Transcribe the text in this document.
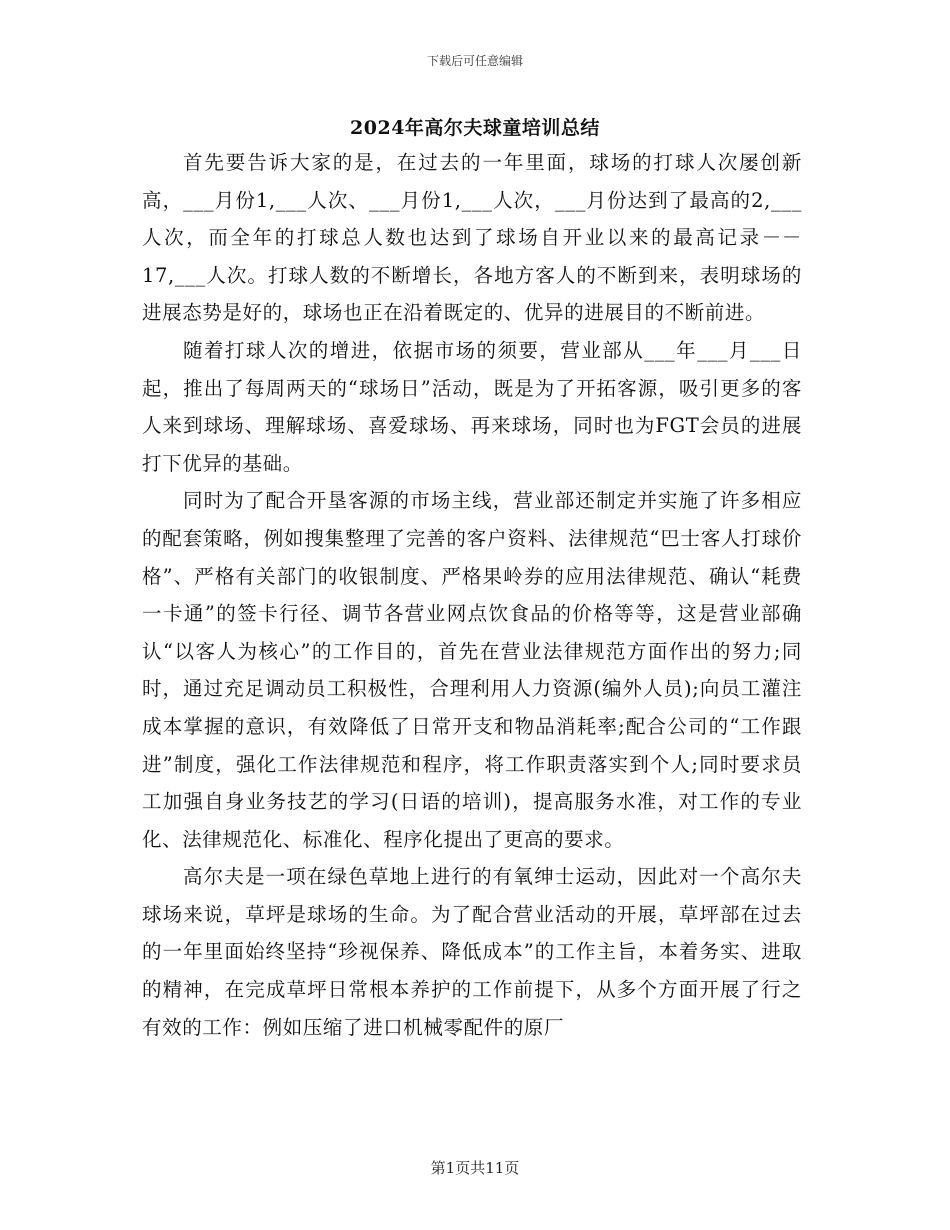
下载后可任意编辑
2024年高尔夫球童培训总结

首先要告诉大家的是，在过去的一年里面，球场的打球人次屡创新高，___月份1,___人次、___月份1,___人次，___月份达到了最高的2,___人次，而全年的打球总人数也达到了球场自开业以来的最高记录－－17,___人次。打球人数的不断增长，各地方客人的不断到来，表明球场的进展态势是好的，球场也正在沿着既定的、优异的进展目的不断前进。

随着打球人次的增进，依据市场的须要，营业部从___年___月___日起，推出了每周两天的“球场日”活动，既是为了开拓客源，吸引更多的客人来到球场、理解球场、喜爱球场、再来球场，同时也为FGT会员的进展打下优异的基础。

同时为了配合开垦客源的市场主线，营业部还制定并实施了许多相应的配套策略，例如搜集整理了完善的客户资料、法律规范“巴士客人打球价格”、严格有关部门的收银制度、严格果岭券的应用法律规范、确认“耗费一卡通”的签卡行径、调节各营业网点饮食品的价格等等，这是营业部确认“以客人为核心”的工作目的，首先在营业法律规范方面作出的努力;同时，通过充足调动员工积极性，合理利用人力资源(编外人员);向员工灌注成本掌握的意识，有效降低了日常开支和物品消耗率;配合公司的“工作跟进”制度，强化工作法律规范和程序，将工作职责落实到个人;同时要求员工加强自身业务技艺的学习(日语的培训)，提高服务水准，对工作的专业化、法律规范化、标准化、程序化提出了更高的要求。

高尔夫是一项在绿色草地上进行的有氧绅士运动，因此对一个高尔夫球场来说，草坪是球场的生命。为了配合营业活动的开展，草坪部在过去的一年里面始终坚持“珍视保养、降低成本”的工作主旨，本着务实、进取的精神，在完成草坪日常根本养护的工作前提下，从多个方面开展了行之有效的工作：例如压缩了进口机械零配件的原厂

第1页共11页
